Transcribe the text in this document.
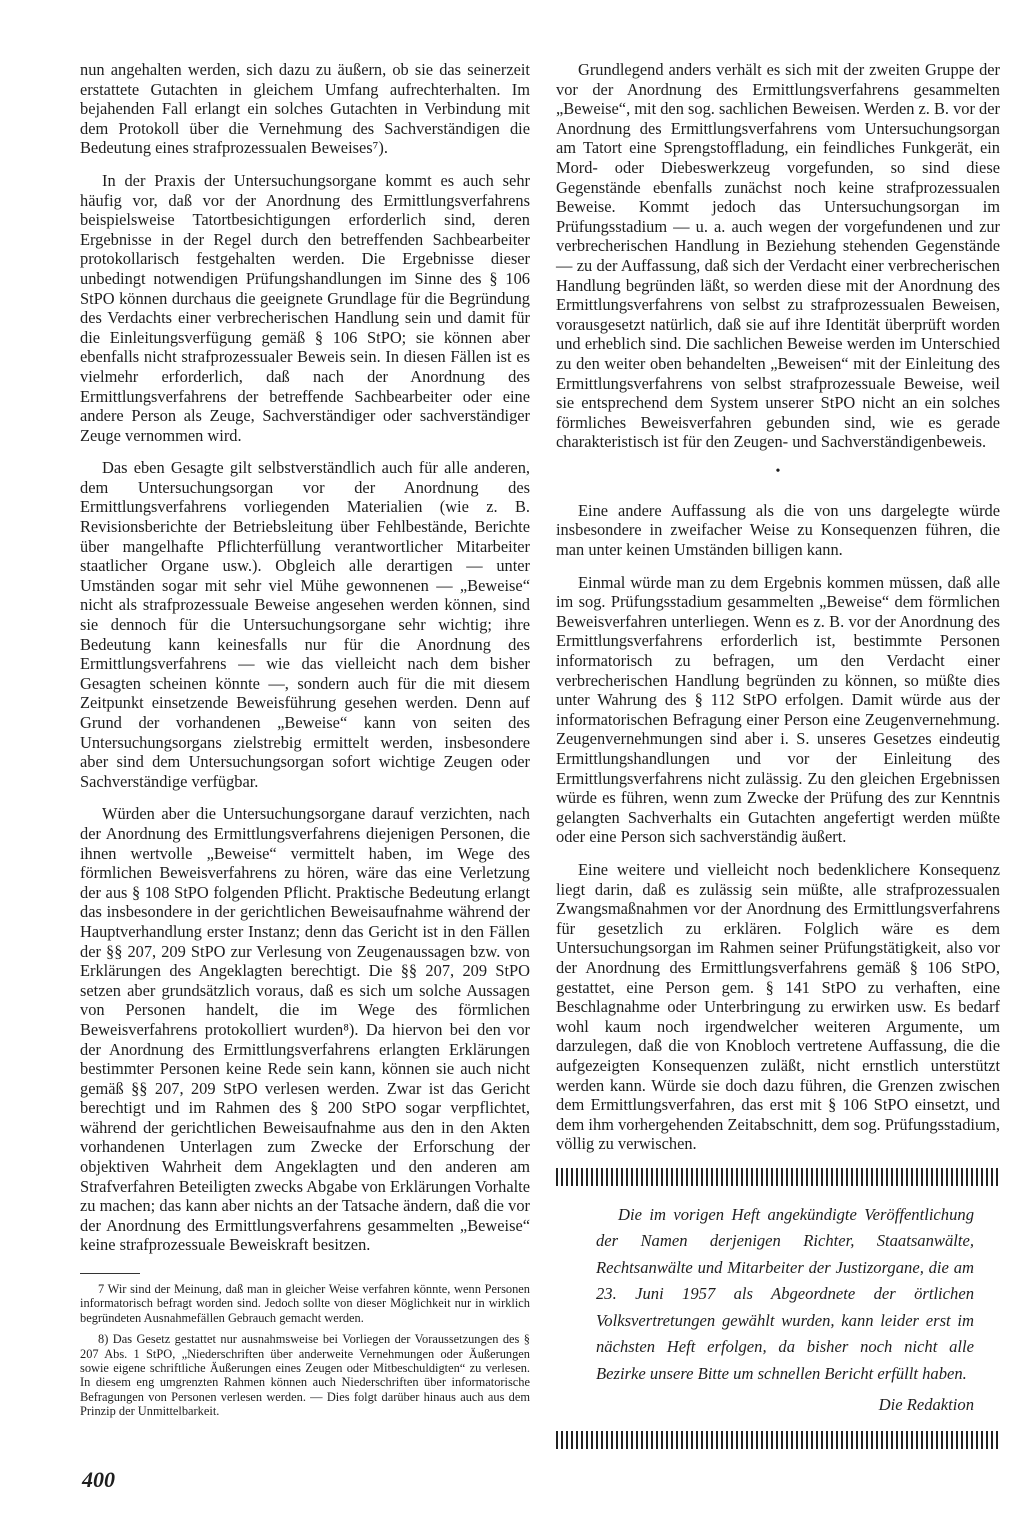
nun angehalten werden, sich dazu zu äußern, ob sie das seinerzeit erstattete Gutachten in gleichem Umfang aufrechterhalten. Im bejahenden Fall erlangt ein solches Gutachten in Verbindung mit dem Protokoll über die Vernehmung des Sachverständigen die Bedeutung eines strafprozessualen Beweises⁷).

In der Praxis der Untersuchungsorgane kommt es auch sehr häufig vor, daß vor der Anordnung des Ermittlungsverfahrens beispielsweise Tatortbesichtigungen erforderlich sind, deren Ergebnisse in der Regel durch den betreffenden Sachbearbeiter protokollarisch festgehalten werden. Die Ergebnisse dieser unbedingt notwendigen Prüfungshandlungen im Sinne des § 106 StPO können durchaus die geeignete Grundlage für die Begründung des Verdachts einer verbrecherischen Handlung sein und damit für die Einleitungsverfügung gemäß § 106 StPO; sie können aber ebenfalls nicht strafprozessualer Beweis sein. In diesen Fällen ist es vielmehr erforderlich, daß nach der Anordnung des Ermittlungsverfahrens der betreffende Sachbearbeiter oder eine andere Person als Zeuge, Sachverständiger oder sachverständiger Zeuge vernommen wird.

Das eben Gesagte gilt selbstverständlich auch für alle anderen, dem Untersuchungsorgan vor der Anordnung des Ermittlungsverfahrens vorliegenden Materialien (wie z. B. Revisionsberichte der Betriebsleitung über Fehlbestände, Berichte über mangelhafte Pflichterfüllung verantwortlicher Mitarbeiter staatlicher Organe usw.). Obgleich alle derartigen — unter Umständen sogar mit sehr viel Mühe gewonnenen — „Beweise“ nicht als strafprozessuale Beweise angesehen werden können, sind sie dennoch für die Untersuchungsorgane sehr wichtig; ihre Bedeutung kann keinesfalls nur für die Anordnung des Ermittlungsverfahrens — wie das vielleicht nach dem bisher Gesagten scheinen könnte —, sondern auch für die mit diesem Zeitpunkt einsetzende Beweisführung gesehen werden. Denn auf Grund der vorhandenen „Beweise“ kann von seiten des Untersuchungsorgans zielstrebig ermittelt werden, insbesondere aber sind dem Untersuchungsorgan sofort wichtige Zeugen oder Sachverständige verfügbar.

Würden aber die Untersuchungsorgane darauf verzichten, nach der Anordnung des Ermittlungsverfahrens diejenigen Personen, die ihnen wertvolle „Beweise“ vermittelt haben, im Wege des förmlichen Beweisverfahrens zu hören, wäre das eine Verletzung der aus § 108 StPO folgenden Pflicht. Praktische Bedeutung erlangt das insbesondere in der gerichtlichen Beweisaufnahme während der Hauptverhandlung erster Instanz; denn das Gericht ist in den Fällen der §§ 207, 209 StPO zur Verlesung von Zeugenaussagen bzw. von Erklärungen des Angeklagten berechtigt. Die §§ 207, 209 StPO setzen aber grundsätzlich voraus, daß es sich um solche Aussagen von Personen handelt, die im Wege des förmlichen Beweisverfahrens protokolliert wurden⁸). Da hiervon bei den vor der Anordnung des Ermittlungsverfahrens erlangten Erklärungen bestimmter Personen keine Rede sein kann, können sie auch nicht gemäß §§ 207, 209 StPO verlesen werden. Zwar ist das Gericht berechtigt und im Rahmen des § 200 StPO sogar verpflichtet, während der gerichtlichen Beweisaufnahme aus den in den Akten vorhandenen Unterlagen zum Zwecke der Erforschung der objektiven Wahrheit dem Angeklagten und den anderen am Strafverfahren Beteiligten zwecks Abgabe von Erklärungen Vorhalte zu machen; das kann aber nichts an der Tatsache ändern, daß die vor der Anordnung des Ermittlungsverfahrens gesammelten „Beweise“ keine strafprozessuale Beweiskraft besitzen.

7 Wir sind der Meinung, daß man in gleicher Weise verfahren könnte, wenn Personen informatorisch befragt worden sind. Jedoch sollte von dieser Möglichkeit nur in wirklich begründeten Ausnahmefällen Gebrauch gemacht werden.

8) Das Gesetz gestattet nur ausnahmsweise bei Vorliegen der Voraussetzungen des § 207 Abs. 1 StPO, „Niederschriften über anderweite Vernehmungen oder Äußerungen sowie eigene schriftliche Äußerungen eines Zeugen oder Mitbeschuldigten“ zu verlesen. In diesem eng umgrenzten Rahmen können auch Niederschriften über informatorische Befragungen von Personen verlesen werden. — Dies folgt darüber hinaus auch aus dem Prinzip der Unmittelbarkeit.

Grundlegend anders verhält es sich mit der zweiten Gruppe der vor der Anordnung des Ermittlungsverfahrens gesammelten „Beweise“, mit den sog. sachlichen Beweisen. Werden z. B. vor der Anordnung des Ermittlungsverfahrens vom Untersuchungsorgan am Tatort eine Sprengstoffladung, ein feindliches Funkgerät, ein Mord- oder Diebeswerkzeug vorgefunden, so sind diese Gegenstände ebenfalls zunächst noch keine strafprozessualen Beweise. Kommt jedoch das Untersuchungsorgan im Prüfungsstadium — u. a. auch wegen der vorgefundenen und zur verbrecherischen Handlung in Beziehung stehenden Gegenstände — zu der Auffassung, daß sich der Verdacht einer verbrecherischen Handlung begründen läßt, so werden diese mit der Anordnung des Ermittlungsverfahrens von selbst zu strafprozessualen Beweisen, vorausgesetzt natürlich, daß sie auf ihre Identität überprüft worden und erheblich sind. Die sachlichen Beweise werden im Unterschied zu den weiter oben behandelten „Beweisen“ mit der Einleitung des Ermittlungsverfahrens von selbst strafprozessuale Beweise, weil sie entsprechend dem System unserer StPO nicht an ein solches förmliches Beweisverfahren gebunden sind, wie es gerade charakteristisch ist für den Zeugen- und Sachverständigenbeweis.

•

Eine andere Auffassung als die von uns dargelegte würde insbesondere in zweifacher Weise zu Konsequenzen führen, die man unter keinen Umständen billigen kann.

Einmal würde man zu dem Ergebnis kommen müssen, daß alle im sog. Prüfungsstadium gesammelten „Beweise“ dem förmlichen Beweisverfahren unterliegen. Wenn es z. B. vor der Anordnung des Ermittlungsverfahrens erforderlich ist, bestimmte Personen informatorisch zu befragen, um den Verdacht einer verbrecherischen Handlung begründen zu können, so müßte dies unter Wahrung des § 112 StPO erfolgen. Damit würde aus der informatorischen Befragung einer Person eine Zeugenvernehmung. Zeugenvernehmungen sind aber i. S. unseres Gesetzes eindeutig Ermittlungshandlungen und vor der Einleitung des Ermittlungsverfahrens nicht zulässig. Zu den gleichen Ergebnissen würde es führen, wenn zum Zwecke der Prüfung des zur Kenntnis gelangten Sachverhalts ein Gutachten angefertigt werden müßte oder eine Person sich sachverständig äußert.

Eine weitere und vielleicht noch bedenklichere Konsequenz liegt darin, daß es zulässig sein müßte, alle strafprozessualen Zwangsmaßnahmen vor der Anordnung des Ermittlungsverfahrens für gesetzlich zu erklären. Folglich wäre es dem Untersuchungsorgan im Rahmen seiner Prüfungstätigkeit, also vor der Anordnung des Ermittlungsverfahrens gemäß § 106 StPO, gestattet, eine Person gem. § 141 StPO zu verhaften, eine Beschlagnahme oder Unterbringung zu erwirken usw. Es bedarf wohl kaum noch irgendwelcher weiteren Argumente, um darzulegen, daß die von Knobloch vertretene Auffassung, die die aufgezeigten Konsequenzen zuläßt, nicht ernstlich unterstützt werden kann. Würde sie doch dazu führen, die Grenzen zwischen dem Ermittlungsverfahren, das erst mit § 106 StPO einsetzt, und dem ihm vorhergehenden Zeitabschnitt, dem sog. Prüfungsstadium, völlig zu verwischen.

Die im vorigen Heft angekündigte Veröffentlichung der Namen derjenigen Richter, Staatsanwälte, Rechtsanwälte und Mitarbeiter der Justizorgane, die am 23. Juni 1957 als Abgeordnete der örtlichen Volksvertretungen gewählt wurden, kann leider erst im nächsten Heft erfolgen, da bisher noch nicht alle Bezirke unsere Bitte um schnellen Bericht erfüllt haben.

Die Redaktion

400
